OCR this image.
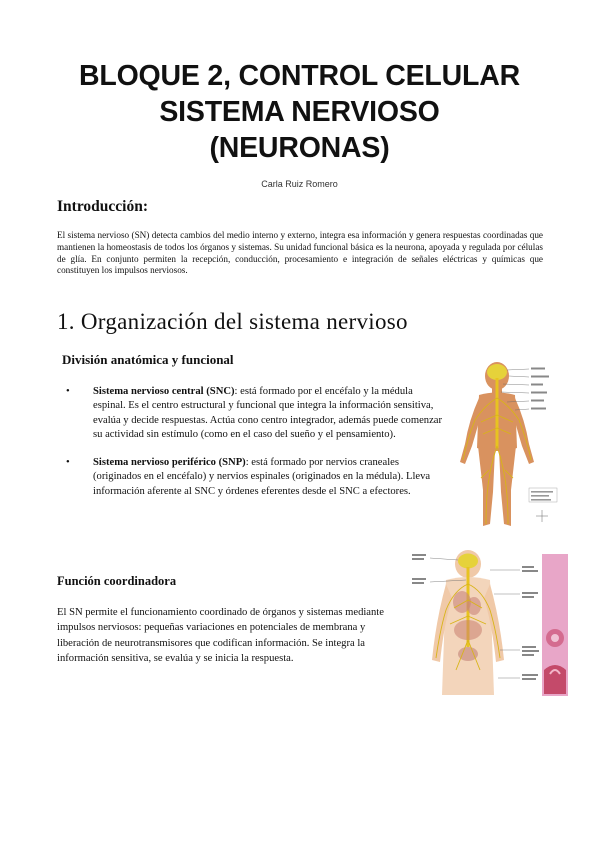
BLOQUE 2, CONTROL CELULAR
SISTEMA NERVIOSO
(NEURONAS)
Carla Ruiz Romero
Introducción:
El sistema nervioso (SN) detecta cambios del medio interno y externo, integra esa información y genera respuestas coordinadas que mantienen la homeostasis de todos los órganos y sistemas. Su unidad funcional básica es la neurona, apoyada y regulada por células de glía. En conjunto permiten la recepción, conducción, procesamiento e integración de señales eléctricas y químicas que constituyen los impulsos nerviosos.
1. Organización del sistema nervioso
División anatómica y funcional
• Sistema nervioso central (SNC): está formado por el encéfalo y la médula espinal. Es el centro estructural y funcional que integra la información sensitiva, evalúa y decide respuestas. Actúa cono centro integrador, además puede comenzar su actividad sin estímulo (como en el caso del sueño y el pensamiento).
• Sistema nervioso periférico (SNP): está formado por nervios craneales (originados en el encéfalo) y nervios espinales (originados en la médula). Lleva información aferente al SNC y órdenes eferentes desde el SNC a efectores.
Función coordinadora
El SN permite el funcionamiento coordinado de órganos y sistemas mediante impulsos nerviosos: pequeñas variaciones en potenciales de membrana y liberación de neurotransmisores que codifican información. Se integra la información sensitiva, se evalúa y se inicia la respuesta.
